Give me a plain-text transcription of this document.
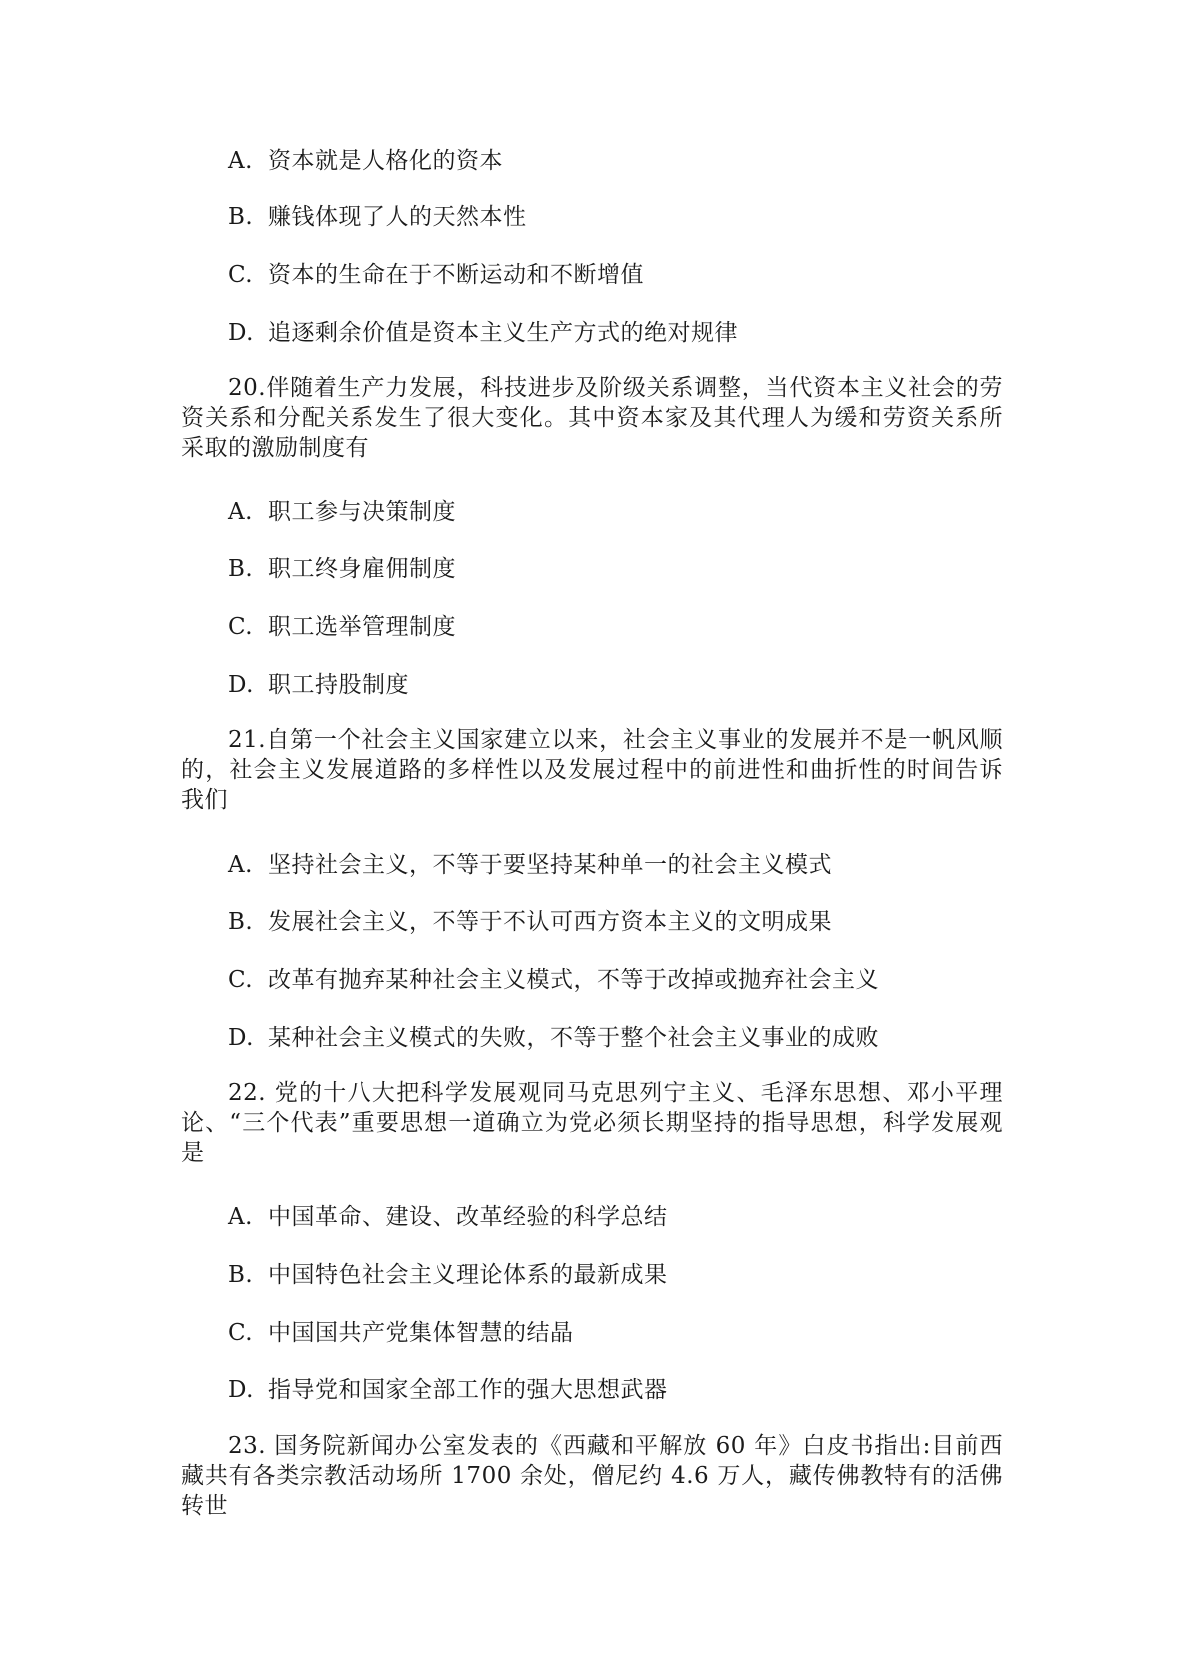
A. 资本就是人格化的资本
B. 赚钱体现了人的天然本性
C. 资本的生命在于不断运动和不断增值
D. 追逐剩余价值是资本主义生产方式的绝对规律
20.伴随着生产力发展，科技进步及阶级关系调整，当代资本主义社会的劳资关系和分配关系发生了很大变化。其中资本家及其代理人为缓和劳资关系所采取的激励制度有
A. 职工参与决策制度
B. 职工终身雇佣制度
C. 职工选举管理制度
D. 职工持股制度
21.自第一个社会主义国家建立以来，社会主义事业的发展并不是一帆风顺的，社会主义发展道路的多样性以及发展过程中的前进性和曲折性的时间告诉我们
A. 坚持社会主义，不等于要坚持某种单一的社会主义模式
B. 发展社会主义，不等于不认可西方资本主义的文明成果
C. 改革有抛弃某种社会主义模式，不等于改掉或抛弃社会主义
D. 某种社会主义模式的失败，不等于整个社会主义事业的成败
22. 党的十八大把科学发展观同马克思列宁主义、毛泽东思想、邓小平理论、“三个代表”重要思想一道确立为党必须长期坚持的指导思想，科学发展观是
A. 中国革命、建设、改革经验的科学总结
B. 中国特色社会主义理论体系的最新成果
C. 中国国共产党集体智慧的结晶
D. 指导党和国家全部工作的强大思想武器
23. 国务院新闻办公室发表的《西藏和平解放 60 年》白皮书指出:目前西藏共有各类宗教活动场所 1700 余处，僧尼约 4.6 万人，藏传佛教特有的活佛转世
